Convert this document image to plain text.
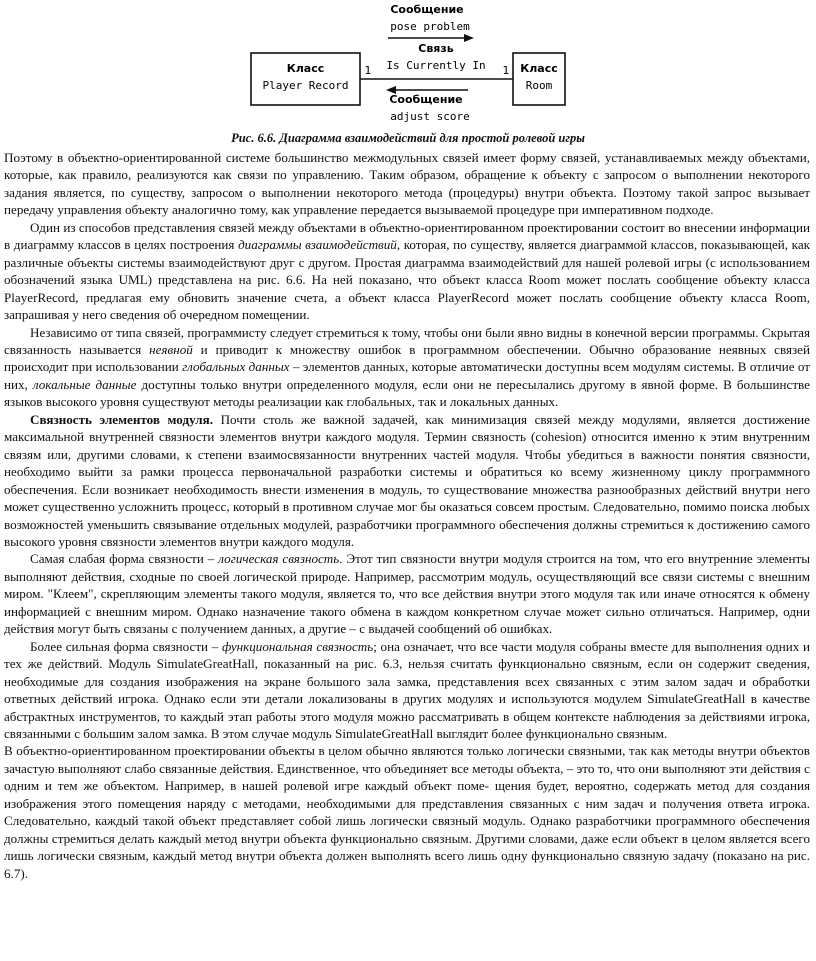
Класс
Player Record
Класс
Room
1	1
Связь
Is Currently In
Сообщение
pose problem
Сообщение
adjust score
Рис. 6.6. Диаграмма взаимодействий для простой ролевой игры

Поэтому в объектно-ориентированной системе большинство межмодульных связей имеет форму связей, устанавливаемых между объектами, которые, как правило, реализуются как связи по управлению. Таким образом, обращение к объекту с запросом о выполнении некоторого задания является, по существу, запросом о выполнении некоторого метода (процедуры) внутри объекта. Поэтому такой запрос вызывает передачу управления объекту аналогично тому, как управление передается вызываемой процедуре при императивном подходе.

Один из способов представления связей между объектами в объектно-ориентированном проектировании состоит во внесении информации в диаграмму классов в целях построения диаграммы взаимодействий, которая, по существу, является диаграммой классов, показывающей, как различные объекты системы взаимодействуют друг с другом. Простая диаграмма взаимодействий для нашей ролевой игры (с использованием обозначений языка UML) представлена на рис. 6.6. На ней показано, что объект класса Room может послать сообщение объекту класса PlayerRecord, предлагая ему обновить значение счета, а объект класса PlayerRecord может послать сообщение объекту класса Room, запрашивая у него сведения об очередном помещении.

Независимо от типа связей, программисту следует стремиться к тому, чтобы они были явно видны в конечной версии программы. Скрытая связанность называется неявной и приводит к множеству ошибок в программном обеспечении. Обычно образование неявных связей происходит при использовании глобальных данных – элементов данных, которые автоматически доступны всем модулям системы. В отличие от них, локальные данные доступны только внутри определенного модуля, если они не пересылались другому в явной форме. В большинстве языков высокого уровня существуют методы реализации как глобальных, так и локальных данных.

Связность элементов модуля. Почти столь же важной задачей, как минимизация связей между модулями, является достижение максимальной внутренней связности элементов внутри каждого модуля. Термин связность (cohesion) относится именно к этим внутренним связям или, другими словами, к степени взаимосвязанности внутренних частей модуля. Чтобы убедиться в важности понятия связности, необходимо выйти за рамки процесса первоначальной разработки системы и обратиться ко всему жизненному циклу программного обеспечения. Если возникает необходимость внести изменения в модуль, то существование множества разнообразных действий внутри него может существенно усложнить процесс, который в противном случае мог бы оказаться совсем простым. Следовательно, помимо поиска любых возможностей уменьшить связывание отдельных модулей, разработчики программного обеспечения должны стремиться к достижению самого высокого уровня связности элементов внутри каждого модуля.

Самая слабая форма связности – логическая связность. Этот тип связности внутри модуля строится на том, что его внутренние элементы выполняют действия, сходные по своей логической природе. Например, рассмотрим модуль, осуществляющий все связи системы с внешним миром. "Клеем", скрепляющим элементы такого модуля, является то, что все действия внутри этого модуля так или иначе относятся к обмену информацией с внешним миром. Однако назначение такого обмена в каждом конкретном случае может сильно отличаться. Например, одни действия могут быть связаны с получением данных, а другие – с выдачей сообщений об ошибках.

Более сильная форма связности – функциональная связность; она означает, что все части модуля собраны вместе для выполнения одних и тех же действий. Модуль SimulateGreatHall, показанный на рис. 6.3, нельзя считать функционально связным, если он содержит сведения, необходимые для создания изображения на экране большого зала замка, представления всех связанных с этим залом задач и обработки ответных действий игрока. Однако если эти детали локализованы в других модулях и используются модулем SimulateGreatHall в качестве абстрактных инструментов, то каждый этап работы этого модуля можно рассматривать в общем контексте наблюдения за действиями игрока, связанными с большим залом замка. В этом случае модуль SimulateGreatHall выглядит более функционально связным.

В объектно-ориентированном проектировании объекты в целом обычно являются только логически связными, так как методы внутри объектов зачастую выполняют слабо связанные действия. Единственное, что объединяет все методы объекта, – это то, что они выполняют эти действия с одним и тем же объектом. Например, в нашей ролевой игре каждый объект поме- щения будет, вероятно, содержать метод для создания изображения этого помещения наряду с методами, необходимыми для представления связанных с ним задач и получения ответа игрока. Следовательно, каждый такой объект представляет собой лишь логически связный модуль. Однако разработчики программного обеспечения должны стремиться делать каждый метод внутри объекта функционально связным. Другими словами, даже если объект в целом является всего лишь логически связным, каждый метод внутри объекта должен выполнять всего лишь одну функционально связную задачу (показано на рис. 6.7).
